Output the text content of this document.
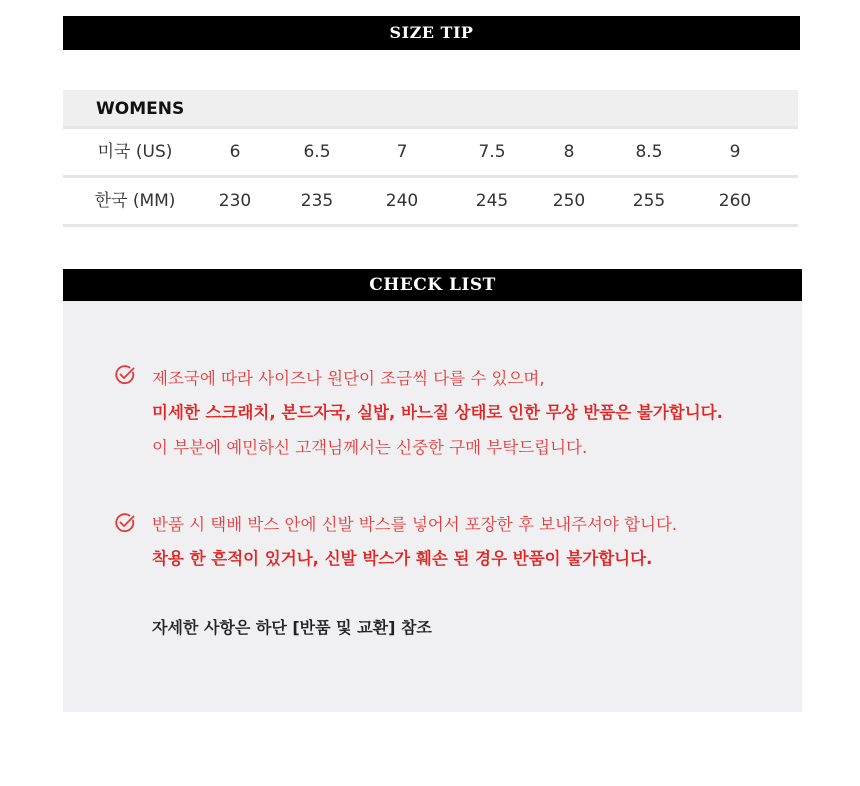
SIZE TIP
WOMENS
미국 (US)	6	6.5	7	7.5	8	8.5	9
한국 (MM)	230	235	240	245	250	255	260
CHECK LIST
제조국에 따라 사이즈나 원단이 조금씩 다를 수 있으며,
미세한 스크래치, 본드자국, 실밥, 바느질 상태로 인한 무상 반품은 불가합니다.
이 부분에 예민하신 고객님께서는 신중한 구매 부탁드립니다.
반품 시 택배 박스 안에 신발 박스를 넣어서 포장한 후 보내주셔야 합니다.
착용 한 흔적이 있거나, 신발 박스가 훼손 된 경우 반품이 불가합니다.
자세한 사항은 하단 [반품 및 교환] 참조
